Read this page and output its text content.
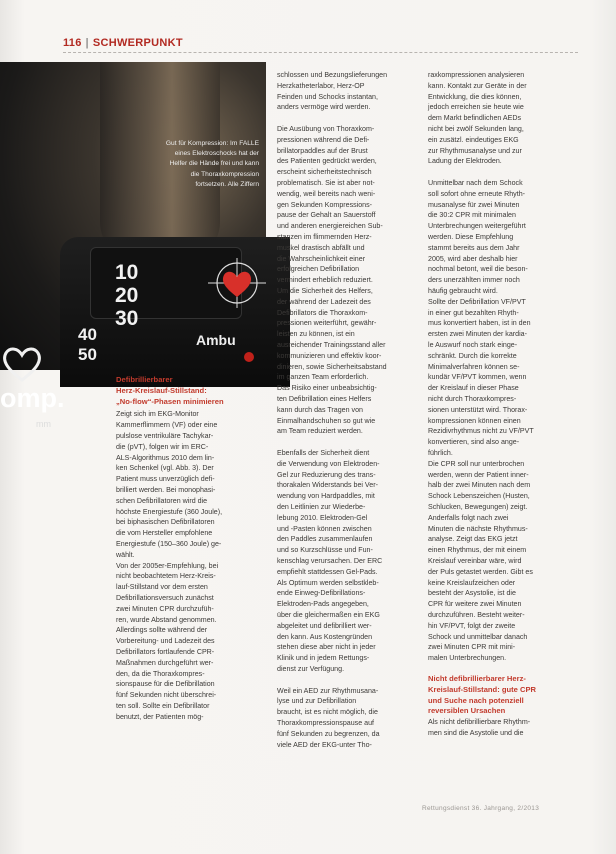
116 | SCHWERPUNKT
10
20
30
40
50
Ambu
omp.
mm
Gut für Kompression: Im FALLE eines Elektroschocks hat der Helfer die Hände frei und kann die Thoraxkompression fortsetzen. Alle Ziffern
Defibrillierbarer
Herz-Kreislauf-Stillstand:
„No-flow“-Phasen minimieren
Zeigt sich im EKG-Monitor
Kammerflimmern (VF) oder eine
pulslose ventrikuläre Tachykar-
die (pVT), folgen wir im ERC-
ALS-Algorithmus 2010 dem lin-
ken Schenkel (vgl. Abb. 3). Der
Patient muss unverzüglich defi-
brilliert werden. Bei monophasi-
schen Defibrillatoren wird die
höchste Energiestufe (360 Joule),
bei biphasischen Defibrillatoren
die vom Hersteller empfohlene
Energiestufe (150–360 Joule) ge-
wählt.
Von der 2005er-Empfehlung, bei
nicht beobachtetem Herz-Kreis-
lauf-Stillstand vor dem ersten
Defibrillationsversuch zunächst
zwei Minuten CPR durchzufüh-
ren, wurde Abstand genommen.
Allerdings sollte während der
Vorbereitung- und Ladezeit des
Defibrillators fortlaufende CPR-
Maßnahmen durchgeführt wer-
den, da die Thoraxkompres-
sionspause für die Defibrillation
fünf Sekunden nicht überschrei-
ten soll. Sollte ein Defibrillator
benutzt, der Patienten mög-
schlossen und Bezungslieferungen
Herzkatheterlabor, Herz-OP
Feinden und Schocks instantan,
anders vermöge wird werden.
Die Ausübung von Thoraxkom-
pressionen während die Defi-
brillatorpaddles auf der Brust
des Patienten gedrückt werden,
erscheint sicherheitstechnisch
problematisch. Sie ist aber not-
wendig, weil bereits nach weni-
gen Sekunden Kompressions-
pause der Gehalt an Sauerstoff
und anderen energiereichen Sub-
stanzen im flimmernden Herz-
muskel drastisch abfällt und
die Wahrscheinlichkeit einer
erfolgreichen Defibrillation
vermindert erheblich reduziert.
Um die Sicherheit des Helfers,
der während der Ladezeit des
Defibrillators die Thoraxkom-
pressionen weiterführt, gewähr-
leisten zu können, ist ein
ausreichender Trainingsstand aller
kommunizieren und effektiv koor-
dinieren, sowie Sicherheitsabstand
im ganzen Team erforderlich.
Das Risiko einer unbeabsichtig-
ten Defibrillation eines Helfers
kann durch das Tragen von
Einmalhandschuhen so gut wie
am Team reduziert werden.
Ebenfalls der Sicherheit dient
die Verwendung von Elektroden-
Gel zur Reduzierung des trans-
thorakalen Widerstands bei Ver-
wendung von Hardpaddles, mit
den Leitlinien zur Wiederbe-
lebung 2010. Elektroden-Gel
und -Pasten können zwischen
den Paddles zusammenlaufen
und so Kurzschlüsse und Fun-
kenschlag verursachen. Der ERC
empfiehlt stattdessen Gel-Pads.
Als Optimum werden selbstkleb-
ende Einweg-Defibrillations-
Elektroden-Pads angegeben,
über die gleichermaßen ein EKG
abgeleitet und defibrilliert wer-
den kann. Aus Kostengründen
stehen diese aber nicht in jeder
Klinik und in jedem Rettungs-
dienst zur Verfügung.
Weil ein AED zur Rhythmusana-
lyse und zur Defibrillation
braucht, ist es nicht möglich, die
Thoraxkompressionspause auf
fünf Sekunden zu begrenzen, da
viele AED der EKG-unter Tho-
raxkompressionen analysieren
kann. Kontakt zur Geräte in der
Entwicklung, die dies können,
jedoch erreichen sie heute wie
dem Markt befindlichen AEDs
nicht bei zwölf Sekunden lang,
ein zusätzl. eindeutiges EKG
zur Rhythmusanalyse und zur
Ladung der Elektroden.
Unmittelbar nach dem Schock
soll sofort ohne erneute Rhyth-
musanalyse für zwei Minuten
die 30:2 CPR mit minimalen
Unterbrechungen weitergeführt
werden. Diese Empfehlung
stammt bereits aus dem Jahr
2005, wird aber deshalb hier
nochmal betont, weil die beson-
ders unerzählten immer noch
häufig gebraucht wird.
Sollte der Defibrillation VF/PVT
in einer gut bezahlten Rhyth-
mus konvertiert haben, ist in den
ersten zwei Minuten der kardia-
le Auswurf noch stark einge-
schränkt. Durch die korrekte
Minimalverfahren können se-
kundär VF/PVT kommen, wenn
der Kreislauf in dieser Phase
nicht durch Thoraxkompres-
sionen unterstützt wird. Thorax-
kompressionen können einen
Rezidivrhythmus nicht zu VF/PVT
konvertieren, sind also ange-
führlich.
Die CPR soll nur unterbrochen
werden, wenn der Patient inner-
halb der zwei Minuten nach dem
Schock Lebenszeichen (Husten,
Schlucken, Bewegungen) zeigt.
Anderfalls folgt nach zwei
Minuten die nächste Rhythmus-
analyse. Zeigt das EKG jetzt
einen Rhythmus, der mit einem
Kreislauf vereinbar wäre, wird
der Puls getastet werden. Gibt es
keine Kreislaufzeichen oder
besteht der Asystolie, ist die
CPR für weitere zwei Minuten
durchzuführen. Besteht weiter-
hin VF/PVT, folgt der zweite
Schock und unmittelbar danach
zwei Minuten CPR mit mini-
malen Unterbrechungen.
Nicht defibrillierbarer Herz-
Kreislauf-Stillstand: gute CPR
und Suche nach potenziell
reversiblen Ursachen
Als nicht defibrillierbare Rhythm-
men sind die Asystolie und die
Rettungsdienst 36. Jahrgang, 2/2013
